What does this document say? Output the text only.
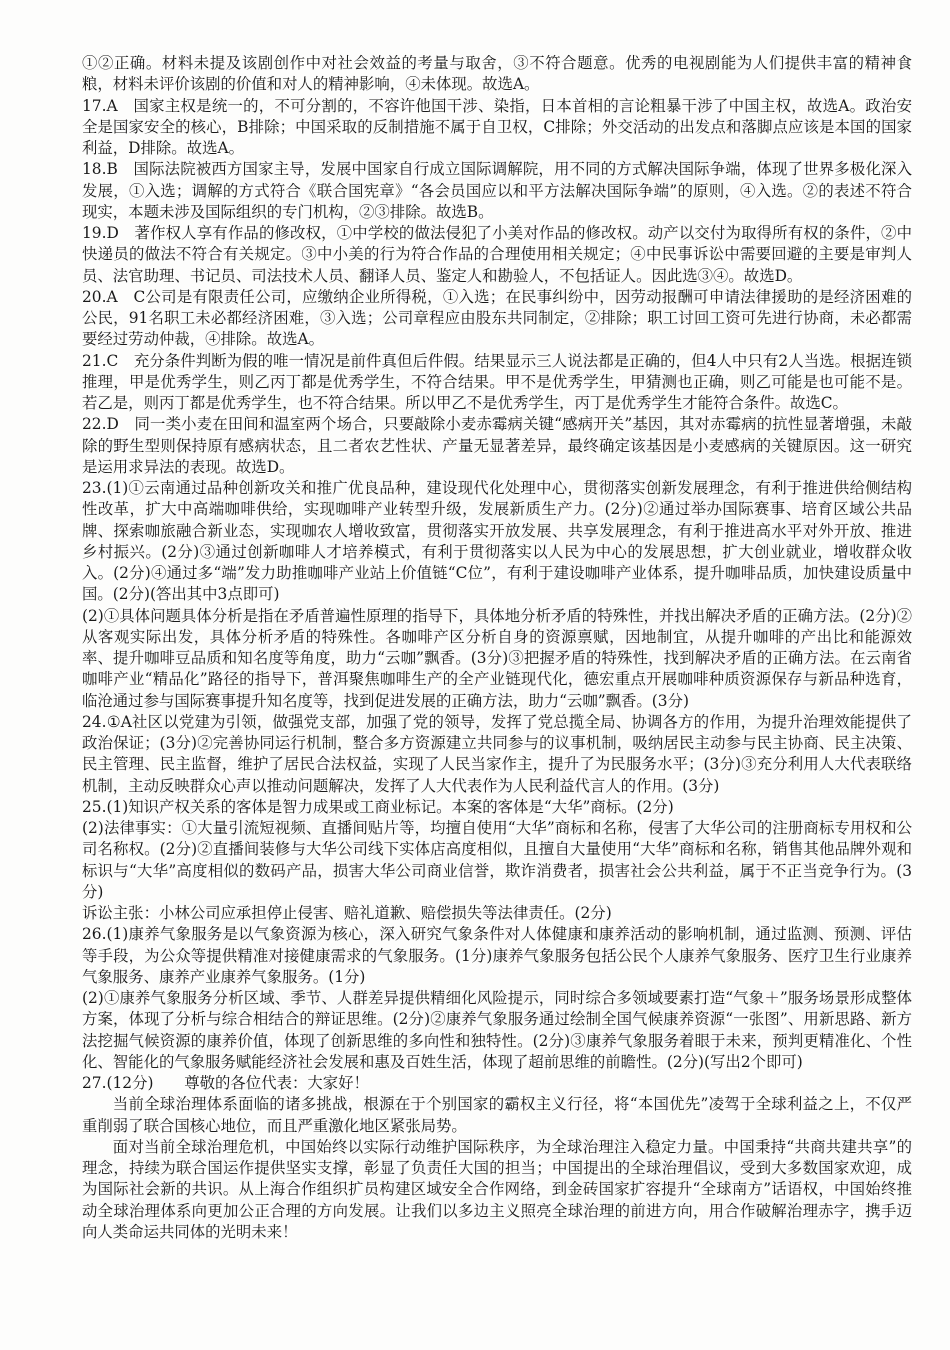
①②正确。材料未提及该剧创作中对社会效益的考量与取舍，③不符合题意。优秀的电视剧能为人们提供丰富的精神食粮，材料未评价该剧的价值和对人的精神影响，④未体现。故选A。

17.A　国家主权是统一的，不可分割的，不容许他国干涉、染指，日本首相的言论粗暴干涉了中国主权，故选A。政治安全是国家安全的核心，B排除；中国采取的反制措施不属于自卫权，C排除；外交活动的出发点和落脚点应该是本国的国家利益，D排除。故选A。

18.B　国际法院被西方国家主导，发展中国家自行成立国际调解院，用不同的方式解决国际争端，体现了世界多极化深入发展，①入选；调解的方式符合《联合国宪章》“各会员国应以和平方法解决国际争端”的原则，④入选。②的表述不符合现实，本题未涉及国际组织的专门机构，②③排除。故选B。

19.D　著作权人享有作品的修改权，①中学校的做法侵犯了小美对作品的修改权。动产以交付为取得所有权的条件，②中快递员的做法不符合有关规定。③中小美的行为符合作品的合理使用相关规定；④中民事诉讼中需要回避的主要是审判人员、法官助理、书记员、司法技术人员、翻译人员、鉴定人和勘验人，不包括证人。因此选③④。故选D。

20.A　C公司是有限责任公司，应缴纳企业所得税，①入选；在民事纠纷中，因劳动报酬可申请法律援助的是经济困难的公民，91名职工未必都经济困难，③入选；公司章程应由股东共同制定，②排除；职工讨回工资可先进行协商，未必都需要经过劳动仲裁，④排除。故选A。

21.C　充分条件判断为假的唯一情况是前件真但后件假。结果显示三人说法都是正确的，但4人中只有2人当选。根据连锁推理，甲是优秀学生，则乙丙丁都是优秀学生，不符合结果。甲不是优秀学生，甲猜测也正确，则乙可能是也可能不是。若乙是，则丙丁都是优秀学生，也不符合结果。所以甲乙不是优秀学生，丙丁是优秀学生才能符合条件。故选C。

22.D　同一类小麦在田间和温室两个场合，只要敲除小麦赤霉病关键“感病开关”基因，其对赤霉病的抗性显著增强，未敲除的野生型则保持原有感病状态，且二者农艺性状、产量无显著差异，最终确定该基因是小麦感病的关键原因。这一研究是运用求异法的表现。故选D。

23.(1)①云南通过品种创新攻关和推广优良品种，建设现代化处理中心，贯彻落实创新发展理念，有利于推进供给侧结构性改革，扩大中高端咖啡供给，实现咖啡产业转型升级，发展新质生产力。(2分)②通过举办国际赛事、培育区域公共品牌、探索咖旅融合新业态，实现咖农人增收致富，贯彻落实开放发展、共享发展理念，有利于推进高水平对外开放、推进乡村振兴。(2分)③通过创新咖啡人才培养模式，有利于贯彻落实以人民为中心的发展思想，扩大创业就业，增收群众收入。(2分)④通过多“端”发力助推咖啡产业站上价值链“C位”，有利于建设咖啡产业体系，提升咖啡品质，加快建设质量中国。(2分)(答出其中3点即可)

(2)①具体问题具体分析是指在矛盾普遍性原理的指导下，具体地分析矛盾的特殊性，并找出解决矛盾的正确方法。(2分)②从客观实际出发，具体分析矛盾的特殊性。各咖啡产区分析自身的资源禀赋，因地制宜，从提升咖啡的产出比和能源效率、提升咖啡豆品质和知名度等角度，助力“云咖”飘香。(3分)③把握矛盾的特殊性，找到解决矛盾的正确方法。在云南省咖啡产业“精品化”路径的指导下，普洱聚焦咖啡生产的全产业链现代化，德宏重点开展咖啡种质资源保存与新品种选育，临沧通过参与国际赛事提升知名度等，找到促进发展的正确方法，助力“云咖”飘香。(3分)

24.①A社区以党建为引领，做强党支部，加强了党的领导，发挥了党总揽全局、协调各方的作用，为提升治理效能提供了政治保证；(3分)②完善协同运行机制，整合多方资源建立共同参与的议事机制，吸纳居民主动参与民主协商、民主决策、民主管理、民主监督，维护了居民合法权益，实现了人民当家作主，提升了为民服务水平；(3分)③充分利用人大代表联络机制，主动反映群众心声以推动问题解决，发挥了人大代表作为人民利益代言人的作用。(3分)

25.(1)知识产权关系的客体是智力成果或工商业标记。本案的客体是“大华”商标。(2分)

(2)法律事实：①大量引流短视频、直播间贴片等，均擅自使用“大华”商标和名称，侵害了大华公司的注册商标专用权和公司名称权。(2分)②直播间装修与大华公司线下实体店高度相似，且擅自大量使用“大华”商标和名称，销售其他品牌外观和标识与“大华”高度相似的数码产品，损害大华公司商业信誉，欺诈消费者，损害社会公共利益，属于不正当竞争行为。(3分)

诉讼主张：小林公司应承担停止侵害、赔礼道歉、赔偿损失等法律责任。(2分)

26.(1)康养气象服务是以气象资源为核心，深入研究气象条件对人体健康和康养活动的影响机制，通过监测、预测、评估等手段，为公众等提供精准对接健康需求的气象服务。(1分)康养气象服务包括公民个人康养气象服务、医疗卫生行业康养气象服务、康养产业康养气象服务。(1分)

(2)①康养气象服务分析区域、季节、人群差异提供精细化风险提示，同时综合多领域要素打造“气象＋”服务场景形成整体方案，体现了分析与综合相结合的辩证思维。(2分)②康养气象服务通过绘制全国气候康养资源“一张图”、用新思路、新方法挖掘气候资源的康养价值，体现了创新思维的多向性和独特性。(2分)③康养气象服务着眼于未来，预判更精准化、个性化、智能化的气象服务赋能经济社会发展和惠及百姓生活，体现了超前思维的前瞻性。(2分)(写出2个即可)

27.(12分)　　尊敬的各位代表：大家好！

当前全球治理体系面临的诸多挑战，根源在于个别国家的霸权主义行径，将“本国优先”凌驾于全球利益之上，不仅严重削弱了联合国核心地位，而且严重激化地区紧张局势。

面对当前全球治理危机，中国始终以实际行动维护国际秩序，为全球治理注入稳定力量。中国秉持“共商共建共享”的理念，持续为联合国运作提供坚实支撑，彰显了负责任大国的担当；中国提出的全球治理倡议，受到大多数国家欢迎，成为国际社会新的共识。从上海合作组织扩员构建区域安全合作网络，到金砖国家扩容提升“全球南方”话语权，中国始终推动全球治理体系向更加公正合理的方向发展。让我们以多边主义照亮全球治理的前进方向，用合作破解治理赤字，携手迈向人类命运共同体的光明未来！
